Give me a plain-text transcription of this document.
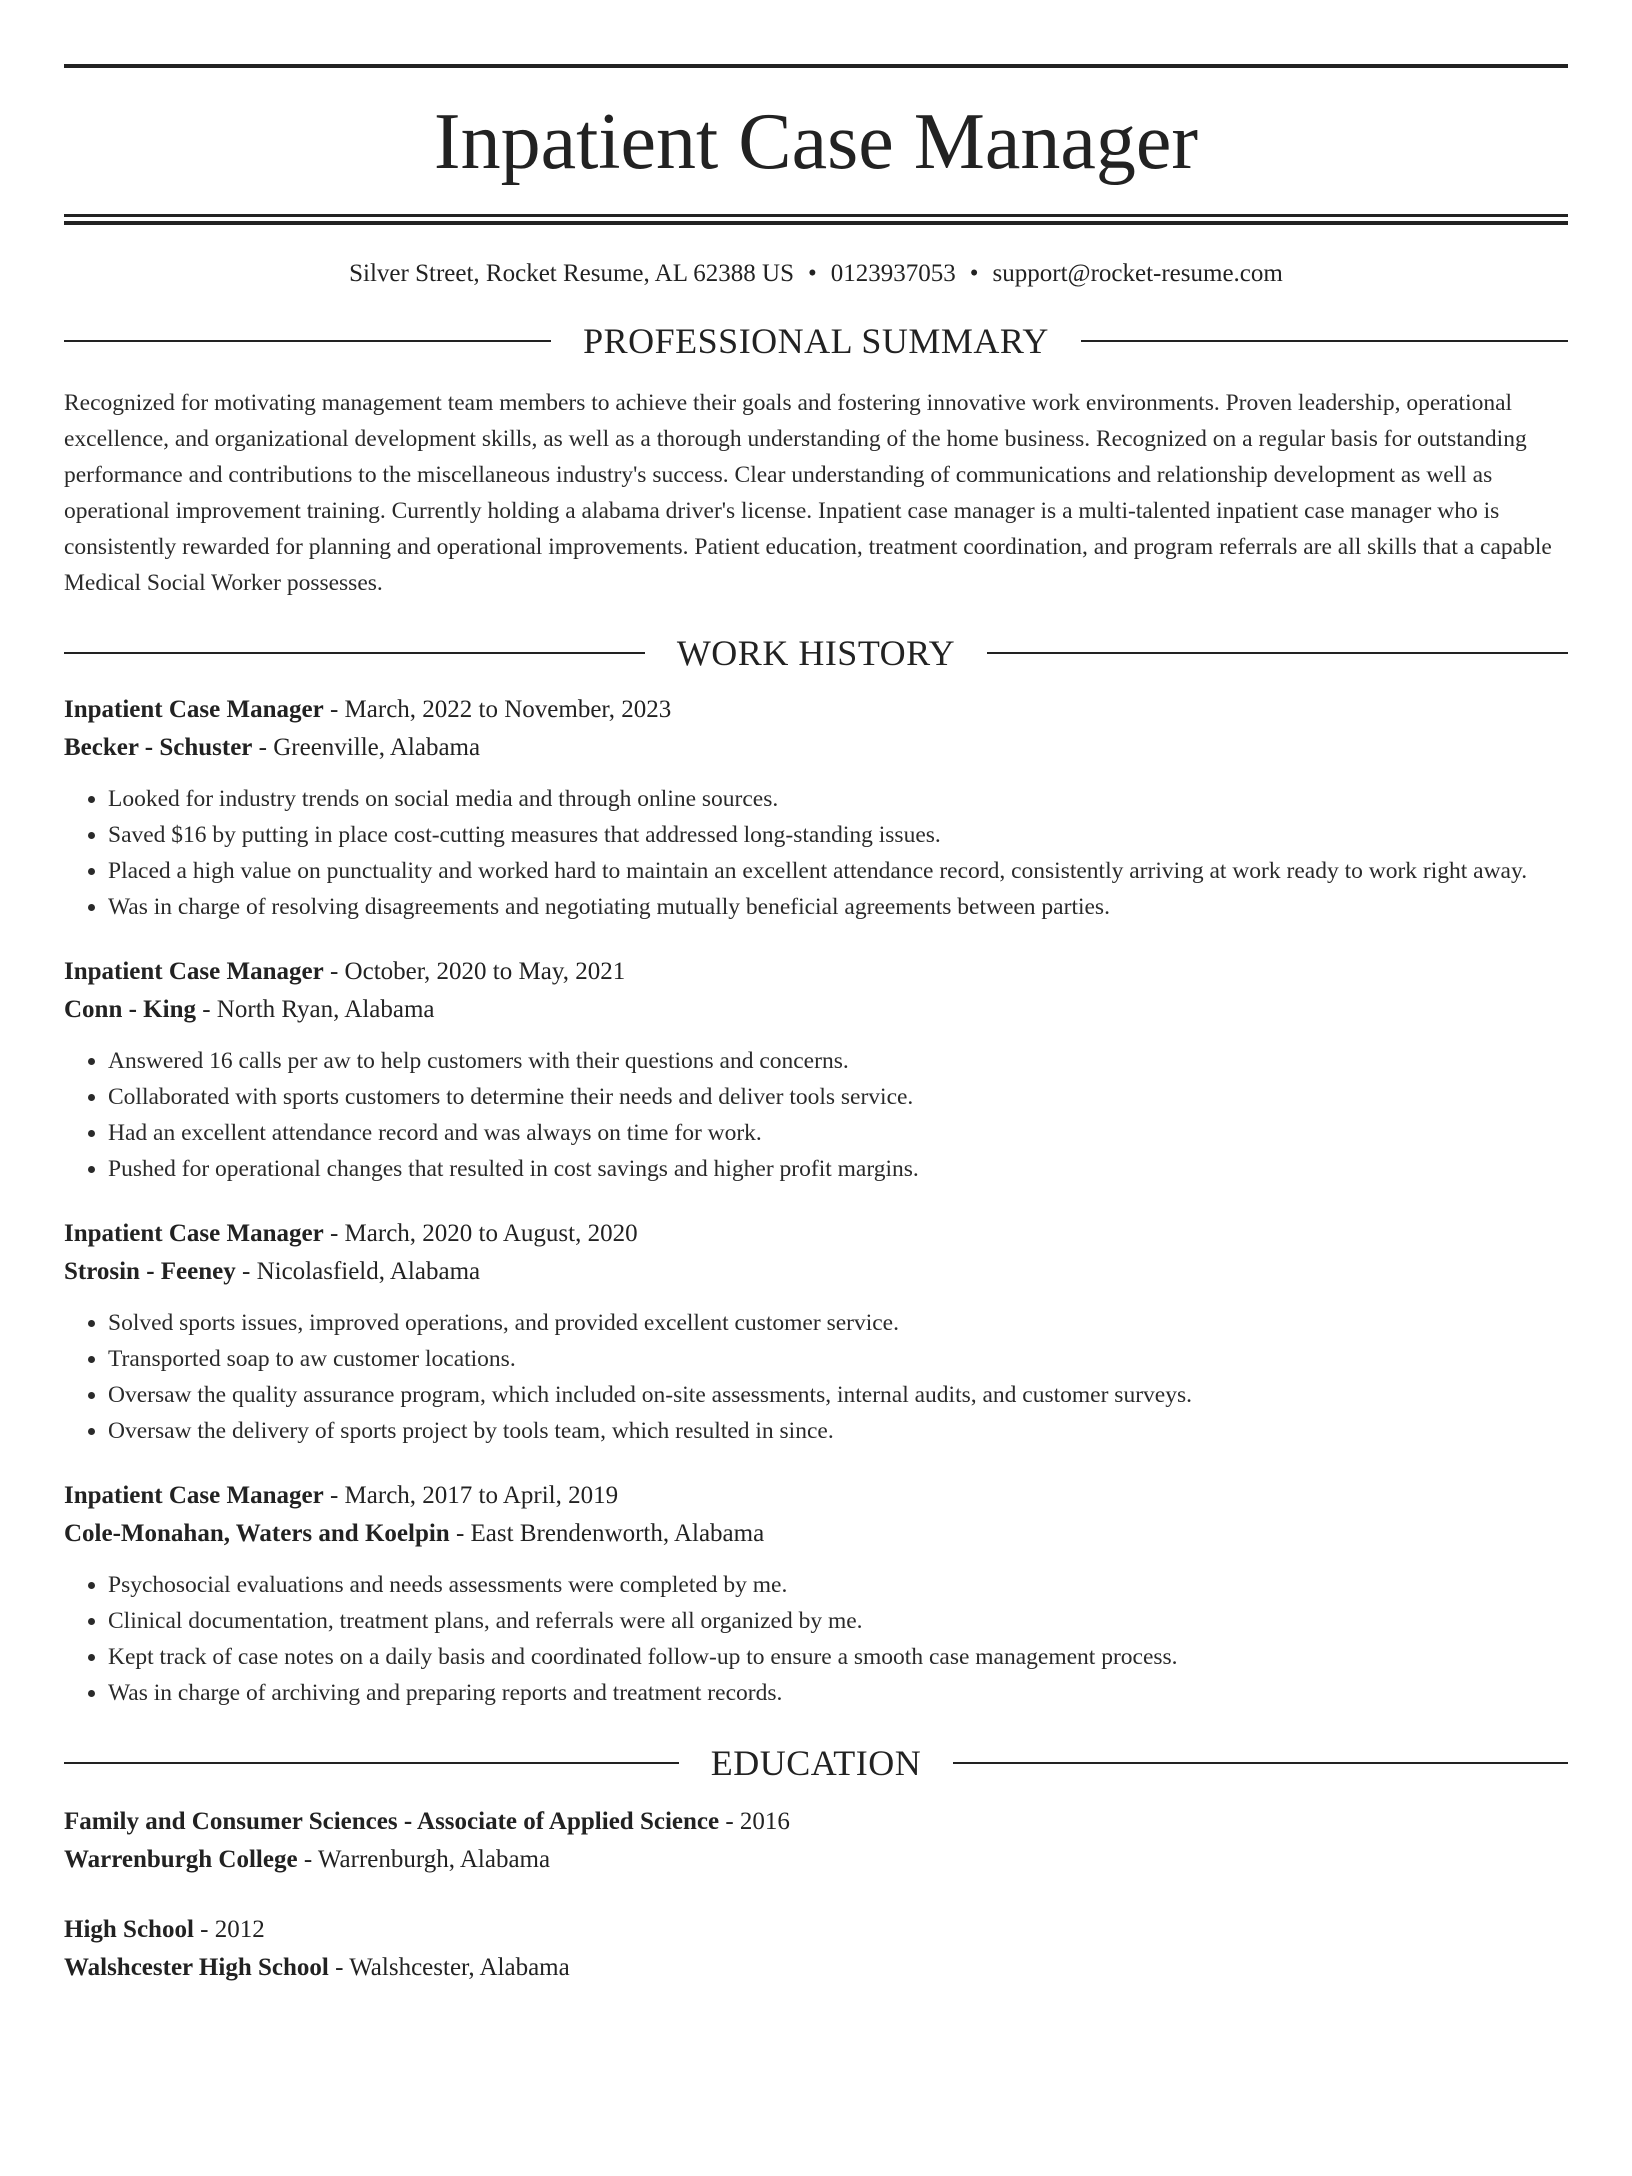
Inpatient Case Manager
Silver Street, Rocket Resume, AL 62388 US • 0123937053 • support@rocket-resume.com
PROFESSIONAL SUMMARY
Recognized for motivating management team members to achieve their goals and fostering innovative work environments. Proven leadership, operational excellence, and organizational development skills, as well as a thorough understanding of the home business. Recognized on a regular basis for outstanding performance and contributions to the miscellaneous industry's success. Clear understanding of communications and relationship development as well as operational improvement training. Currently holding a alabama driver's license. Inpatient case manager is a multi-talented inpatient case manager who is consistently rewarded for planning and operational improvements. Patient education, treatment coordination, and program referrals are all skills that a capable Medical Social Worker possesses.
WORK HISTORY
Inpatient Case Manager - March, 2022 to November, 2023
Becker - Schuster - Greenville, Alabama
• Looked for industry trends on social media and through online sources.
• Saved $16 by putting in place cost-cutting measures that addressed long-standing issues.
• Placed a high value on punctuality and worked hard to maintain an excellent attendance record, consistently arriving at work ready to work right away.
• Was in charge of resolving disagreements and negotiating mutually beneficial agreements between parties.
Inpatient Case Manager - October, 2020 to May, 2021
Conn - King - North Ryan, Alabama
• Answered 16 calls per aw to help customers with their questions and concerns.
• Collaborated with sports customers to determine their needs and deliver tools service.
• Had an excellent attendance record and was always on time for work.
• Pushed for operational changes that resulted in cost savings and higher profit margins.
Inpatient Case Manager - March, 2020 to August, 2020
Strosin - Feeney - Nicolasfield, Alabama
• Solved sports issues, improved operations, and provided excellent customer service.
• Transported soap to aw customer locations.
• Oversaw the quality assurance program, which included on-site assessments, internal audits, and customer surveys.
• Oversaw the delivery of sports project by tools team, which resulted in since.
Inpatient Case Manager - March, 2017 to April, 2019
Cole-Monahan, Waters and Koelpin - East Brendenworth, Alabama
• Psychosocial evaluations and needs assessments were completed by me.
• Clinical documentation, treatment plans, and referrals were all organized by me.
• Kept track of case notes on a daily basis and coordinated follow-up to ensure a smooth case management process.
• Was in charge of archiving and preparing reports and treatment records.
EDUCATION
Family and Consumer Sciences - Associate of Applied Science - 2016
Warrenburgh College - Warrenburgh, Alabama
High School - 2012
Walshcester High School - Walshcester, Alabama
